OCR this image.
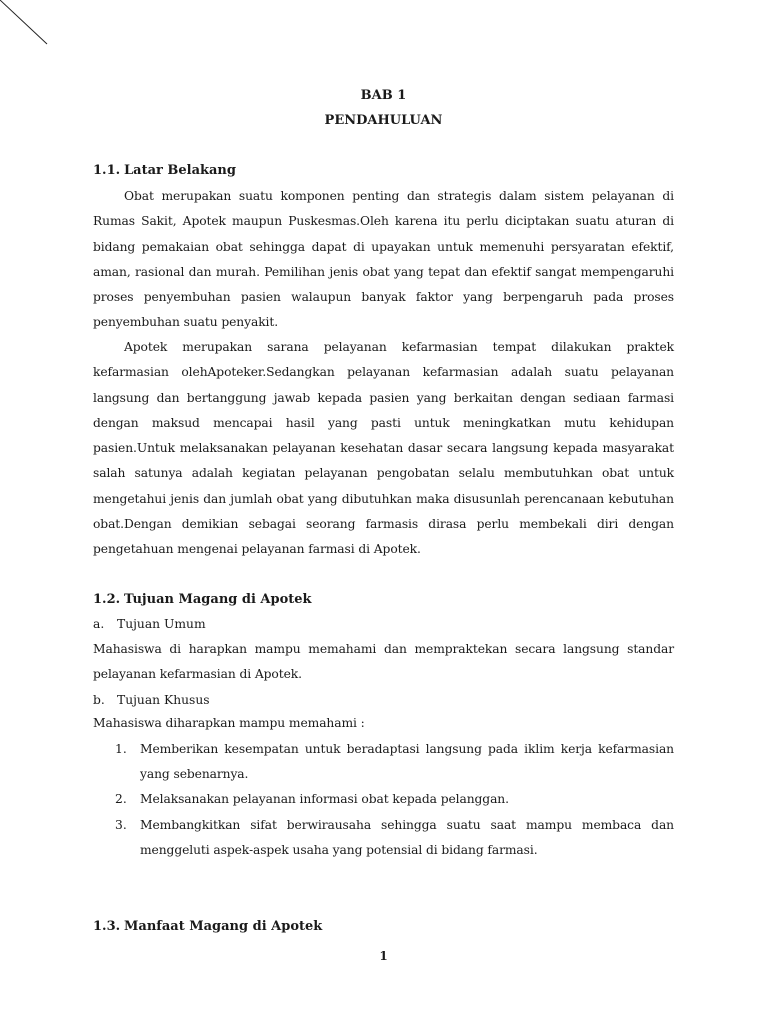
BAB 1
PENDAHULUAN
1.1. Latar Belakang

Obat merupakan suatu komponen penting dan strategis dalam sistem pelayanan di Rumas Sakit, Apotek maupun Puskesmas.Oleh karena itu perlu diciptakan suatu aturan di bidang pemakaian obat sehingga dapat di upayakan untuk memenuhi persyaratan efektif, aman, rasional dan murah. Pemilihan jenis obat yang tepat dan efektif sangat mempengaruhi proses penyembuhan pasien walaupun banyak faktor yang berpengaruh pada proses penyembuhan suatu penyakit.

Apotek merupakan sarana pelayanan kefarmasian tempat dilakukan praktek kefarmasian olehApoteker.Sedangkan pelayanan kefarmasian adalah suatu pelayanan langsung dan bertanggung jawab kepada pasien yang berkaitan dengan sediaan farmasi dengan maksud mencapai hasil yang pasti untuk meningkatkan mutu kehidupan pasien.Untuk melaksanakan pelayanan kesehatan dasar secara langsung kepada masyarakat salah satunya adalah kegiatan pelayanan pengobatan selalu membutuhkan obat untuk mengetahui jenis dan jumlah obat yang dibutuhkan maka disusunlah perencanaan kebutuhan obat.Dengan demikian sebagai seorang farmasis dirasa perlu membekali diri dengan pengetahuan mengenai pelayanan farmasi di Apotek.

1.2. Tujuan Magang di Apotek
a. Tujuan Umum

Mahasiswa di harapkan mampu memahami dan mempraktekan secara langsung standar pelayanan kefarmasian di Apotek.

b. Tujuan Khusus

Mahasiswa diharapkan mampu memahami :

1.	Memberikan kesempatan untuk beradaptasi langsung pada iklim kerja kefarmasian yang sebenarnya.
2.	Melaksanakan pelayanan informasi obat kepada pelanggan.
3.	Membangkitkan sifat berwirausaha sehingga suatu saat mampu membaca dan menggeluti aspek-aspek usaha yang potensial di bidang farmasi.
1.3. Manfaat Magang di Apotek
1
